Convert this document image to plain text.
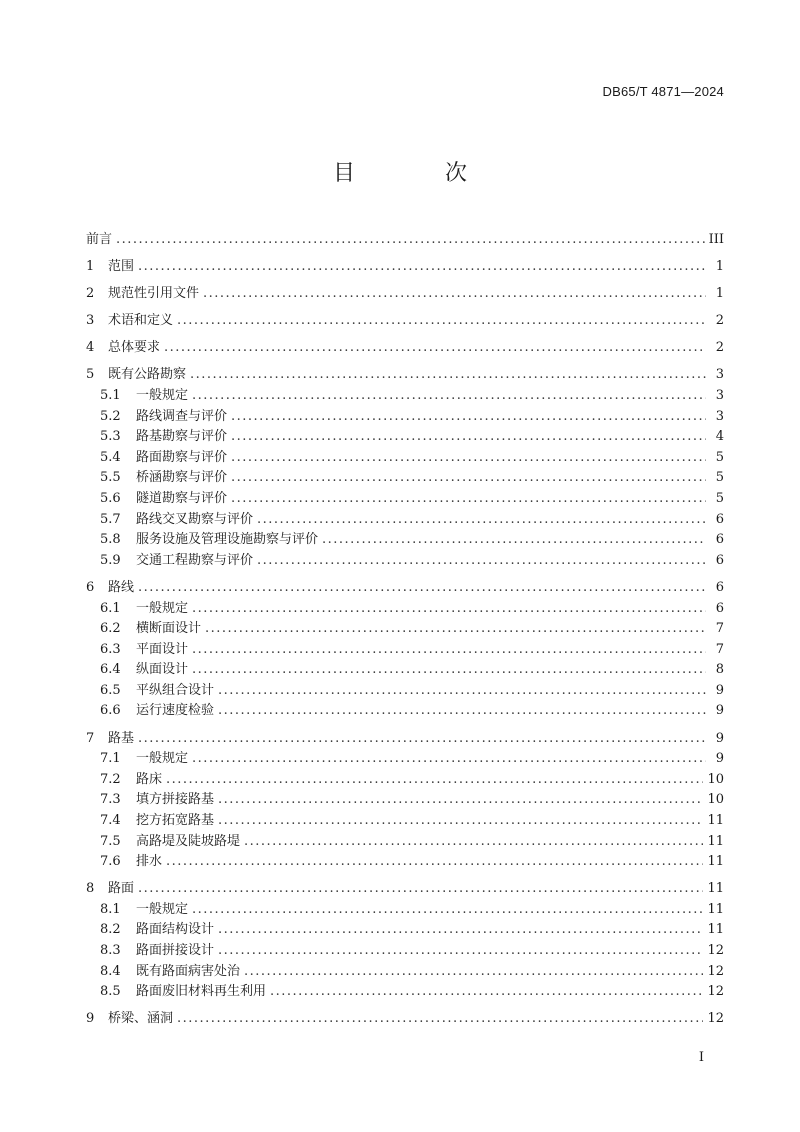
DB65/T 4871—2024
目　次
前言 .....	III
1	范围 .....	1
2	规范性引用文件 .....	1
3	术语和定义 .....	2
4	总体要求 .....	2
5	既有公路勘察 .....	3
5.1	一般规定 .....	3
5.2	路线调查与评价 .....	3
5.3	路基勘察与评价 .....	4
5.4	路面勘察与评价 .....	5
5.5	桥涵勘察与评价 .....	5
5.6	隧道勘察与评价 .....	5
5.7	路线交叉勘察与评价 .....	6
5.8	服务设施及管理设施勘察与评价 .....	6
5.9	交通工程勘察与评价 .....	6
6	路线 .....	6
6.1	一般规定 .....	6
6.2	横断面设计 .....	7
6.3	平面设计 .....	7
6.4	纵面设计 .....	8
6.5	平纵组合设计 .....	9
6.6	运行速度检验 .....	9
7	路基 .....	9
7.1	一般规定 .....	9
7.2	路床 .....	10
7.3	填方拼接路基 .....	10
7.4	挖方拓宽路基 .....	11
7.5	高路堤及陡坡路堤 .....	11
7.6	排水 .....	11
8	路面 .....	11
8.1	一般规定 .....	11
8.2	路面结构设计 .....	11
8.3	路面拼接设计 .....	12
8.4	既有路面病害处治 .....	12
8.5	路面废旧材料再生利用 .....	12
9	桥梁、涵洞 .....	12
I
